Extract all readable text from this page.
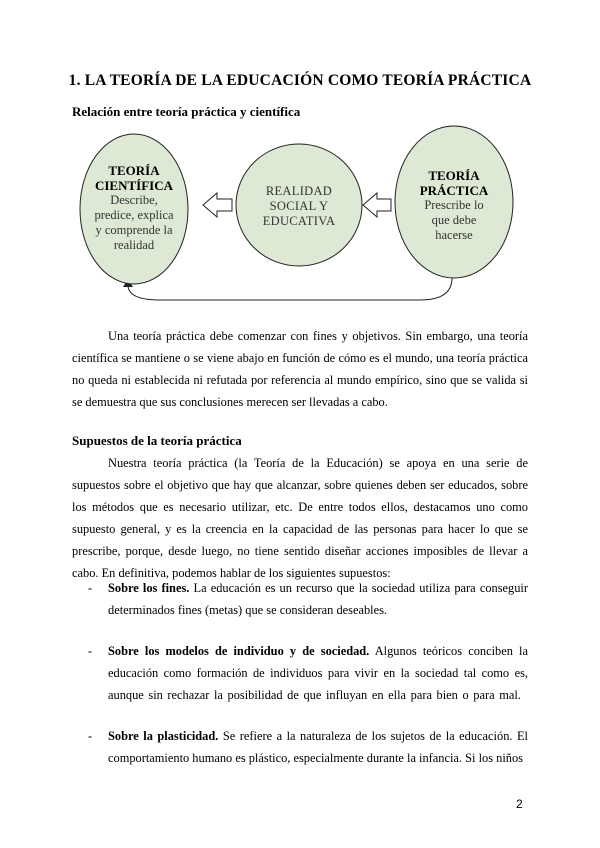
1. LA TEORÍA DE LA EDUCACIÓN COMO TEORÍA PRÁCTICA
Relación entre teoría práctica y científica
TEORÍA
CIENTÍFICA
Describe,
predice, explica
y comprende la
realidad
REALIDAD
SOCIAL Y
EDUCATIVA
TEORÍA
PRÁCTICA
Prescribe lo
que debe
hacerse

Una teoría práctica debe comenzar con fines y objetivos. Sin embargo, una teoría científica se mantiene o se viene abajo en función de cómo es el mundo, una teoría práctica no queda ni establecida ni refutada por referencia al mundo empírico, sino que se valida si se demuestra que sus conclusiones merecen ser llevadas a cabo.

Supuestos de la teoría práctica

Nuestra teoría práctica (la Teoría de la Educación) se apoya en una serie de supuestos sobre el objetivo que hay que alcanzar, sobre quienes deben ser educados, sobre los métodos que es necesario utilizar, etc. De entre todos ellos, destacamos uno como supuesto general, y es la creencia en la capacidad de las personas para hacer lo que se prescribe, porque, desde luego, no tiene sentido diseñar acciones imposibles de llevar a cabo. En definitiva, podemos hablar de los siguientes supuestos:

- Sobre los fines. La educación es un recurso que la sociedad utiliza para conseguir determinados fines (metas) que se consideran deseables.
- Sobre los modelos de individuo y de sociedad. Algunos teóricos conciben la educación como formación de individuos para vivir en la sociedad tal como es, aunque sin rechazar la posibilidad de que influyan en ella para bien o para mal.
- Sobre la plasticidad. Se refiere a la naturaleza de los sujetos de la educación. El comportamiento humano es plástico, especialmente durante la infancia. Si los niños
2
